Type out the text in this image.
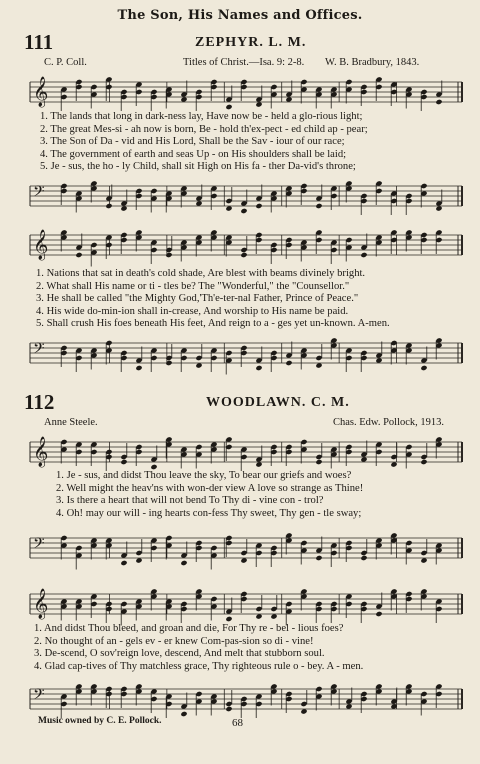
The Son, His Names and Offices.
111	ZEPHYR. L. M.
C. P. Coll.	Titles of Christ.—Isa. 9: 2-8. W. B. Bradbury, 1843.
𝄞
1. The lands that long in dark-ness lay, Have now be - held a glo-rious light;
2. The great Mes-si - ah now is born, Be - hold th'ex-pect - ed child ap - pear;
3. The Son of Da - vid and His Lord, Shall be the Sav - iour of our race;
4. The government of earth and seas Up - on His shoulders shall be laid;
5. Je - sus, the ho - ly Child, shall sit High on His fa - ther Da-vid's throne;
𝄢
𝄞
1. Nations that sat in death's cold shade, Are blest with beams divinely bright.
2. What shall His name or ti - tles be? The "Wonderful," the "Counsellor."
3. He shall be called "the Mighty God,'Th'e-ter-nal Father, Prince of Peace."
4. His wide do-min-ion shall in-crease, And worship to His name be paid.
5. Shall crush His foes beneath His feet, And reign to a - ges yet un-known. A-men.
𝄢
112	WOODLAWN. C. M.
Anne Steele.	Chas. Edw. Pollock, 1913.
𝄞
1. Je - sus, and didst Thou leave the sky, To bear our griefs and woes?
2. Well might the heav'ns with won-der view A love so strange as Thine!
3. Is there a heart that will not bend To Thy di - vine con - trol?
4. Oh! may our will - ing hearts con-fess Thy sweet, Thy gen - tle sway;
𝄢
𝄞
1. And didst Thou bleed, and groan and die, For Thy re - bel - lious foes?
2. No thought of an - gels ev - er knew Com-pas-sion so di - vine!
3. De-scend, O sov'reign love, descend, And melt that stubborn soul.
4. Glad cap-tives of Thy matchless grace, Thy righteous rule o - bey. A - men.
𝄢
Music owned by C. E. Pollock.	68
